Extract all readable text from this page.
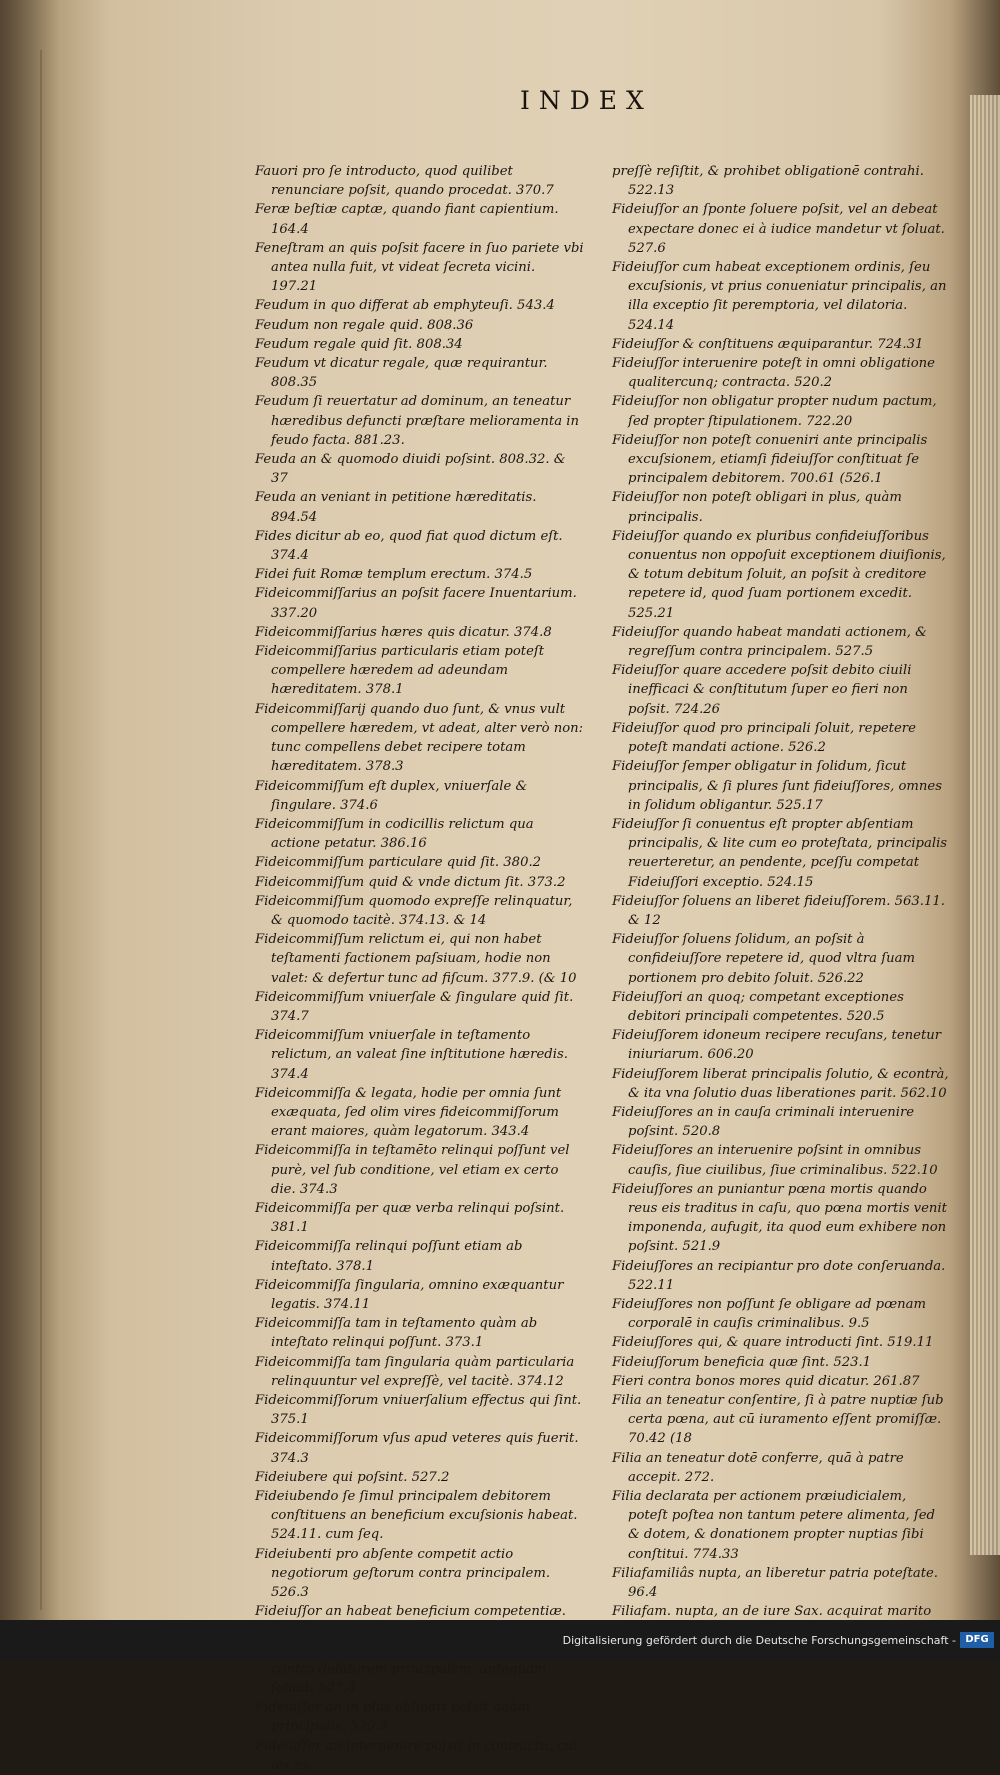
INDEX

Fauori pro ſe introducto, quod quilibet renunciare poſsit, quando procedat. 370.7

Feræ beſtiæ captæ, quando fiant capientium. 164.4

Feneſtram an quis poſsit facere in ſuo pariete vbi antea nulla fuit, vt videat ſecreta vicini. 197.21

Feudum in quo differat ab emphyteuſi. 543.4

Feudum non regale quid. 808.36

Feudum regale quid ſit. 808.34

Feudum vt dicatur regale, quæ requirantur. 808.35

Feudum ſi reuertatur ad dominum, an teneatur hæredibus defuncti præſtare melioramenta in feudo facta. 881.23.

Feuda an & quomodo diuidi poſsint. 808.32. & 37

Feuda an veniant in petitione hæreditatis. 894.54

Fides dicitur ab eo, quod fiat quod dictum eſt. 374.4

Fidei fuit Romæ templum erectum. 374.5

Fideicommiſſarius an poſsit facere Inuentarium. 337.20

Fideicommiſſarius hæres quis dicatur. 374.8

Fideicommiſſarius particularis etiam poteſt compellere hæredem ad adeundam hæreditatem. 378.1

Fideicommiſſarij quando duo ſunt, & vnus vult compellere hæredem, vt adeat, alter verò non: tunc compellens debet recipere totam hæreditatem. 378.3

Fideicommiſſum eſt duplex, vniuerſale & ſingulare. 374.6

Fideicommiſſum in codicillis relictum qua actione petatur. 386.16

Fideicommiſſum particulare quid ſit. 380.2

Fideicommiſſum quid & vnde dictum ſit. 373.2

Fideicommiſſum quomodo expreſſe relinquatur, & quomodo tacitè. 374.13. & 14

Fideicommiſſum relictum ei, qui non habet teſtamenti factionem paſsiuam, hodie non valet: & defertur tunc ad fiſcum. 377.9. (& 10

Fideicommiſſum vniuerſale & ſingulare quid ſit. 374.7

Fideicommiſſum vniuerſale in teſtamento relictum, an valeat ſine inſtitutione hæredis. 374.4

Fideicommiſſa & legata, hodie per omnia ſunt exæquata, ſed olim vires fideicommiſſorum erant maiores, quàm legatorum. 343.4

Fideicommiſſa in teſtamēto relinqui poſſunt vel purè, vel ſub conditione, vel etiam ex certo die. 374.3

Fideicommiſſa per quæ verba relinqui poſsint. 381.1

Fideicommiſſa relinqui poſſunt etiam ab inteſtato. 378.1

Fideicommiſſa ſingularia, omnino exæquantur legatis. 374.11

Fideicommiſſa tam in teſtamento quàm ab inteſtato relinqui poſſunt. 373.1

Fideicommiſſa tam ſingularia quàm particularia relinquuntur vel expreſſè, vel tacitè. 374.12

Fideicommiſſorum vniuerſalium effectus qui ſint. 375.1

Fideicommiſſorum vſus apud veteres quis fuerit. 374.3

Fideiubere qui poſsint. 527.2

Fideiubendo ſe ſimul principalem debitorem conſtituens an beneficium excuſsionis habeat. 524.11. cum ſeq.

Fideiubenti pro abſente competit actio negotiorum geſtorum contra principalem. 526.3

Fideiuſſor an habeat beneficium competentiæ.

contra debitorem principalem, antequam ſoluat. 527.4

Fideiuſſor an in plus obligari poſsit quàm principalis. 520.3

Fideiuſſor an interuenire poſsit in contractu, cui lex ex-

preſſè reſiſtit, & prohibet obligationē contrahi. 522.13

Fideiuſſor an ſponte ſoluere poſsit, vel an debeat expectare donec ei à iudice mandetur vt ſoluat. 527.6

Fideiuſſor cum habeat exceptionem ordinis, ſeu excuſsionis, vt prius conueniatur principalis, an illa exceptio ſit peremptoria, vel dilatoria. 524.14

Fideiuſſor & conſtituens æquiparantur. 724.31

Fideiuſſor interuenire poteſt in omni obligatione qualitercunq; contracta. 520.2

Fideiuſſor non obligatur propter nudum pactum, ſed propter ſtipulationem. 722.20

Fideiuſſor non poteſt conueniri ante principalis excuſsionem, etiamſi fideiuſſor conſtituat ſe principalem debitorem. 700.61 (526.1

Fideiuſſor non poteſt obligari in plus, quàm principalis.

Fideiuſſor quando ex pluribus confideiuſſoribus conuentus non oppoſuit exceptionem diuiſionis, & totum debitum ſoluit, an poſsit à creditore repetere id, quod ſuam portionem excedit. 525.21

Fideiuſſor quando habeat mandati actionem, & regreſſum contra principalem. 527.5

Fideiuſſor quare accedere poſsit debito ciuili inefficaci & conſtitutum ſuper eo fieri non poſsit. 724.26

Fideiuſſor quod pro principali ſoluit, repetere poteſt mandati actione. 526.2

Fideiuſſor ſemper obligatur in ſolidum, ſicut principalis, & ſi plures ſunt fideiuſſores, omnes in ſolidum obligantur. 525.17

Fideiuſſor ſi conuentus eſt propter abſentiam principalis, & lite cum eo proteſtata, principalis reuerteretur, an pendente, pceſſu competat Fideiuſſori exceptio. 524.15

Fideiuſſor ſoluens an liberet fideiuſſorem. 563.11. & 12

Fideiuſſor ſoluens ſolidum, an poſsit à confideiuſſore repetere id, quod vltra ſuam portionem pro debito ſoluit. 526.22

Fideiuſſori an quoq; competant exceptiones debitori principali competentes. 520.5

Fideiuſſorem idoneum recipere recuſans, tenetur iniuriarum. 606.20

Fideiuſſorem liberat principalis ſolutio, & econtrà, & ita vna ſolutio duas liberationes parit. 562.10

Fideiuſſores an in cauſa criminali interuenire poſsint. 520.8

Fideiuſſores an interuenire poſsint in omnibus cauſis, ſiue ciuilibus, ſiue criminalibus. 522.10

Fideiuſſores an puniantur pœna mortis quando reus eis traditus in caſu, quo pœna mortis venit imponenda, aufugit, ita quod eum exhibere non poſsint. 521.9

Fideiuſſores an recipiantur pro dote conſeruanda. 522.11

Fideiuſſores non poſſunt ſe obligare ad pœnam corporalē in cauſis criminalibus. 9.5

Fideiuſſores qui, & quare introducti ſint. 519.11

Fideiuſſorum beneficia quæ ſint. 523.1

Fieri contra bonos mores quid dicatur. 261.87

Filia an teneatur conſentire, ſi à patre nuptiæ ſub certa pœna, aut cū iuramento eſſent promiſſæ. 70.42 (18

Filia an teneatur dotē conferre, quā à patre accepit. 272.

Filia declarata per actionem præiudicialem, poteſt poſtea non tantum petere alimenta, ſed & dotem, & donationem propter nuptias ſibi conſtitui. 774.33

Filiafamiliâs nupta, an liberetur patria poteſtate. 96.4

Filiafam. nupta, an de iure Sax. acquirat marito

Digitalisierung gefördert durch die Deutsche Forschungsgemeinschaft - DFG
